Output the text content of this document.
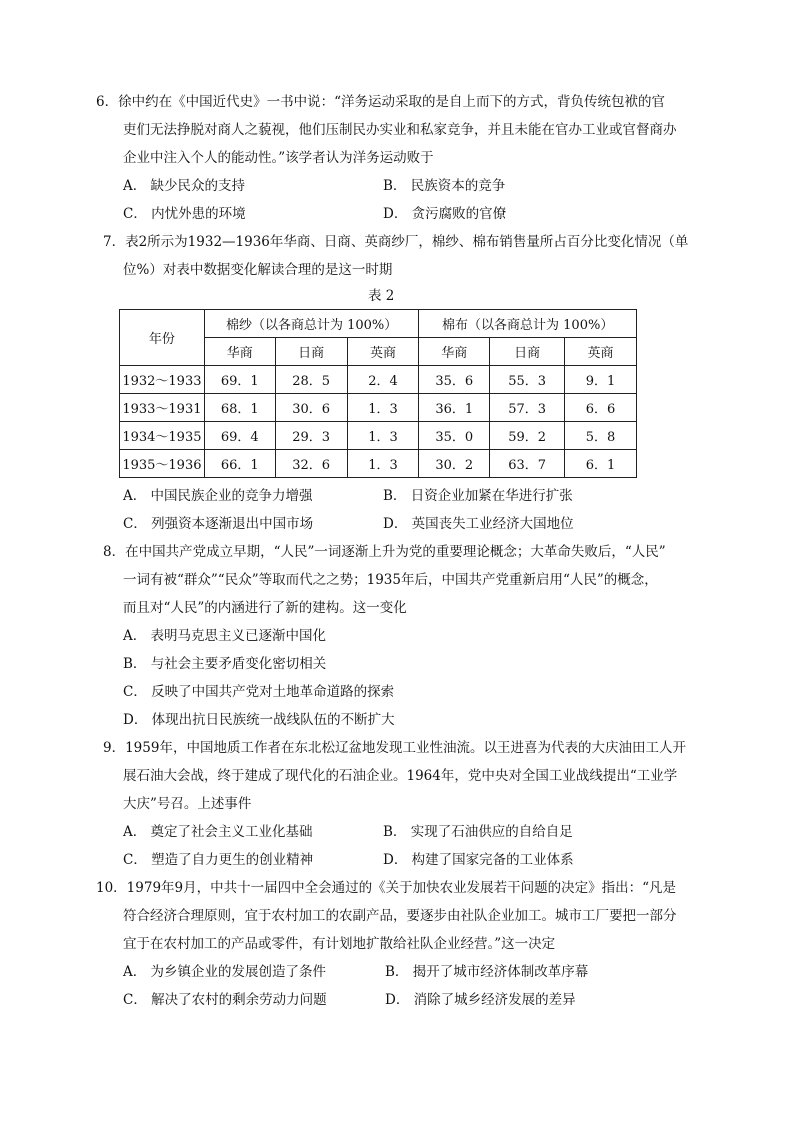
6．徐中约在《中国近代史》一书中说：“洋务运动采取的是自上而下的方式，背负传统包袱的官
吏们无法挣脱对商人之藐视，他们压制民办实业和私家竞争，并且未能在官办工业或官督商办
企业中注入个人的能动性。”该学者认为洋务运动败于
A． 缺少民众的支持	B． 民族资本的竞争
C． 内忧外患的环境	D． 贪污腐败的官僚
7．表2所示为1932—1936年华商、日商、英商纱厂，棉纱、棉布销售量所占百分比变化情况（单
位%）对表中数据变化解读合理的是这一时期
表 2
年份	棉纱（以各商总计为 100%）			棉布（以各商总计为 100%）		
	华商	日商	英商	华商	日商	英商
1932～1933	69．1	28．5	2．4	35．6	55．3	9．1
1933～1931	68．1	30．6	1．3	36．1	57．3	6．6
1934～1935	69．4	29．3	1．3	35．0	59．2	5．8
1935～1936	66．1	32．6	1．3	30．2	63．7	6．1
A． 中国民族企业的竞争力增强	B． 日资企业加紧在华进行扩张
C． 列强资本逐渐退出中国市场	D． 英国丧失工业经济大国地位
8．在中国共产党成立早期，“人民”一词逐渐上升为党的重要理论概念；大革命失败后，“人民”
一词有被“群众”“民众”等取而代之之势；1935年后，中国共产党重新启用“人民”的概念，
而且对“人民”的内涵进行了新的建构。这一变化
A． 表明马克思主义已逐渐中国化
B． 与社会主要矛盾变化密切相关
C． 反映了中国共产党对土地革命道路的探索
D． 体现出抗日民族统一战线队伍的不断扩大
9．1959年，中国地质工作者在东北松辽盆地发现工业性油流。以王进喜为代表的大庆油田工人开
展石油大会战，终于建成了现代化的石油企业。1964年，党中央对全国工业战线提出“工业学
大庆”号召。上述事件
A． 奠定了社会主义工业化基础	B． 实现了石油供应的自给自足
C． 塑造了自力更生的创业精神	D． 构建了国家完备的工业体系
10．1979年9月，中共十一届四中全会通过的《关于加快农业发展若干问题的决定》指出：“凡是
符合经济合理原则，宜于农村加工的农副产品，要逐步由社队企业加工。城市工厂要把一部分
宜于在农村加工的产品或零件，有计划地扩散给社队企业经营。”这一决定
A． 为乡镇企业的发展创造了条件	B． 揭开了城市经济体制改革序幕
C． 解决了农村的剩余劳动力问题	D． 消除了城乡经济发展的差异
